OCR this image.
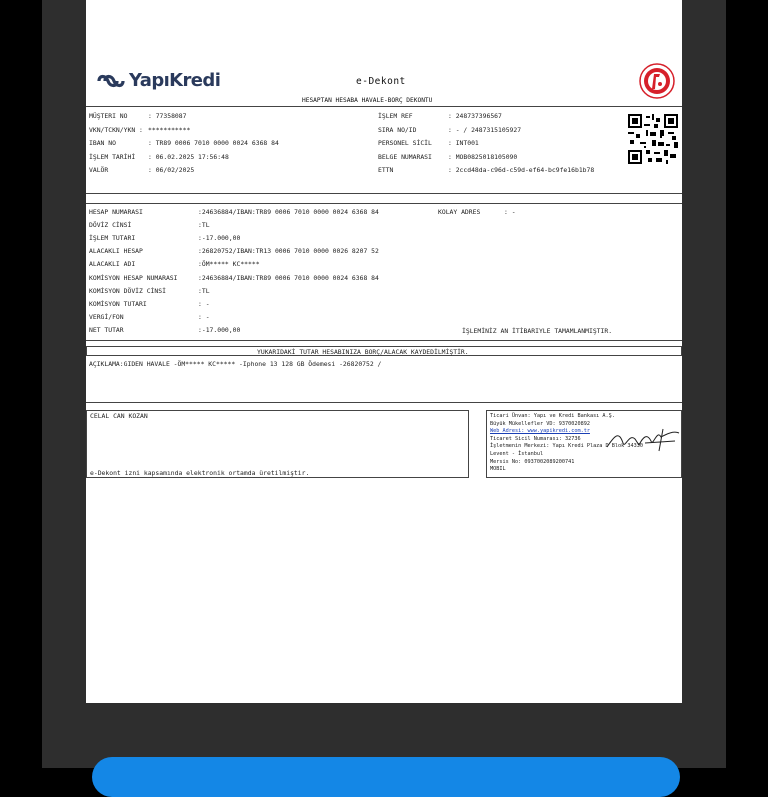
YapıKredi	e-Dekont
HESAPTAN HESABA HAVALE-BORÇ DEKONTU
MÜŞTERI NO	: 77358087
VKN/TCKN/YKN : ***********
IBAN NO	: TR89 0006 7010 0000 0024 6368 84
İŞLEM TARİHİ : 06.02.2025 17:56:48
VALÖR	: 06/02/2025
İŞLEM REF	: 248737396567
SIRA NO/ID	: - / 2487315105927
PERSONEL SİCİL	: INT001
BELGE NUMARASI	: MOB0825018105090
ETTN	: 2ccd48da-c96d-c59d-ef64-bc9fe16b1b78
HESAP NUMARASI	:24636884/IBAN:TR89 0006 7010 0000 0024 6368 84
DÖVİZ CİNSİ	:TL
İŞLEM TUTARI	:-17.000,00
ALACAKLI HESAP	:26820752/IBAN:TR13 0006 7010 0000 0026 8207 52
ALACAKLI ADI	:ÖM***** KC*****
KOMİSYON HESAP NUMARASI	:24636884/IBAN:TR89 0006 7010 0000 0024 6368 84
KOMİSYON DÖVİZ CİNSİ	:TL
KOMİSYON TUTARI	: -
VERGİ/FON	: -
NET TUTAR	:-17.000,00
KOLAY ADRES	: -
İŞLEMİNİZ AN İTİBARIYLE TAMAMLANMIŞTIR.
YUKARIDAKİ TUTAR HESABINIZA BORÇ/ALACAK KAYDEDİLMİŞTİR.
AÇIKLAMA:GIDEN HAVALE -ÖM***** KC***** -Iphone 13 128 GB Ödemesi -26820752 /
CELAL CAN KOZAN
e-Dekont izni kapsamında elektronik ortamda üretilmiştir.
Ticari Ünvan: Yapı ve Kredi Bankası A.Ş.
Büyük Mükellefler VD: 9370020892
Web Adresi: www.yapikredi.com.tr
Ticaret Sicil Numarası: 32736
İşletmenin Merkezi: Yapı Kredi Plaza D Blok 34330
Levent - İstanbul
Mersis No: 0937002089200741
MOBIL
